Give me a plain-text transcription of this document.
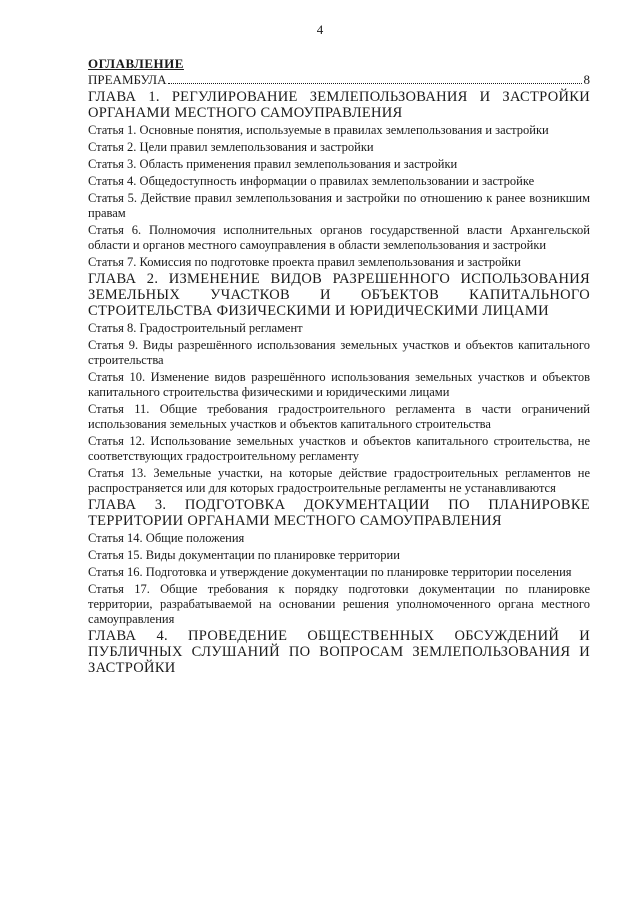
4
ОГЛАВЛЕНИЕ
ПРЕАМБУЛА	8
ГЛАВА 1. РЕГУЛИРОВАНИЕ ЗЕМЛЕПОЛЬЗОВАНИЯ И ЗАСТРОЙКИ ОРГАНАМИ МЕСТНОГО САМОУПРАВЛЕНИЯ
Статья 1. Основные понятия, используемые в правилах землепользования и застройки
Статья 2. Цели правил землепользования и застройки
Статья 3. Область применения правил землепользования и застройки
Статья 4. Общедоступность информации о правилах землепользовании и застройке
Статья 5. Действие правил землепользования и застройки по отношению к ранее возникшим правам
Статья 6. Полномочия исполнительных органов государственной власти Архангельской области и органов местного самоуправления в области землепользования и застройки
Статья 7. Комиссия по подготовке проекта правил землепользования и застройки
ГЛАВА 2. ИЗМЕНЕНИЕ ВИДОВ РАЗРЕШЕННОГО ИСПОЛЬЗОВАНИЯ ЗЕМЕЛЬНЫХ УЧАСТКОВ И ОБЪЕКТОВ КАПИТАЛЬНОГО СТРОИТЕЛЬСТВА ФИЗИЧЕСКИМИ И ЮРИДИЧЕСКИМИ ЛИЦАМИ
Статья 8. Градостроительный регламент
Статья 9. Виды разрешённого использования земельных участков и объектов капитального строительства
Статья 10. Изменение видов разрешённого использования земельных участков и объектов капитального строительства физическими и юридическими лицами
Статья 11. Общие требования градостроительного регламента в части ограничений использования земельных участков и объектов капитального строительства
Статья 12. Использование земельных участков и объектов капитального строительства, не соответствующих градостроительному регламенту
Статья 13. Земельные участки, на которые действие градостроительных регламентов не распространяется или для которых градостроительные регламенты не устанавливаются
ГЛАВА 3. ПОДГОТОВКА ДОКУМЕНТАЦИИ ПО ПЛАНИРОВКЕ ТЕРРИТОРИИ ОРГАНАМИ МЕСТНОГО САМОУПРАВЛЕНИЯ
Статья 14. Общие положения
Статья 15. Виды документации по планировке территории
Статья 16. Подготовка и утверждение документации по планировке территории поселения
Статья 17. Общие требования к порядку подготовки документации по планировке территории, разрабатываемой на основании решения уполномоченного органа местного самоуправления
ГЛАВА 4. ПРОВЕДЕНИЕ ОБЩЕСТВЕННЫХ ОБСУЖДЕНИЙ И ПУБЛИЧНЫХ СЛУШАНИЙ ПО ВОПРОСАМ ЗЕМЛЕПОЛЬЗОВАНИЯ И ЗАСТРОЙКИ
